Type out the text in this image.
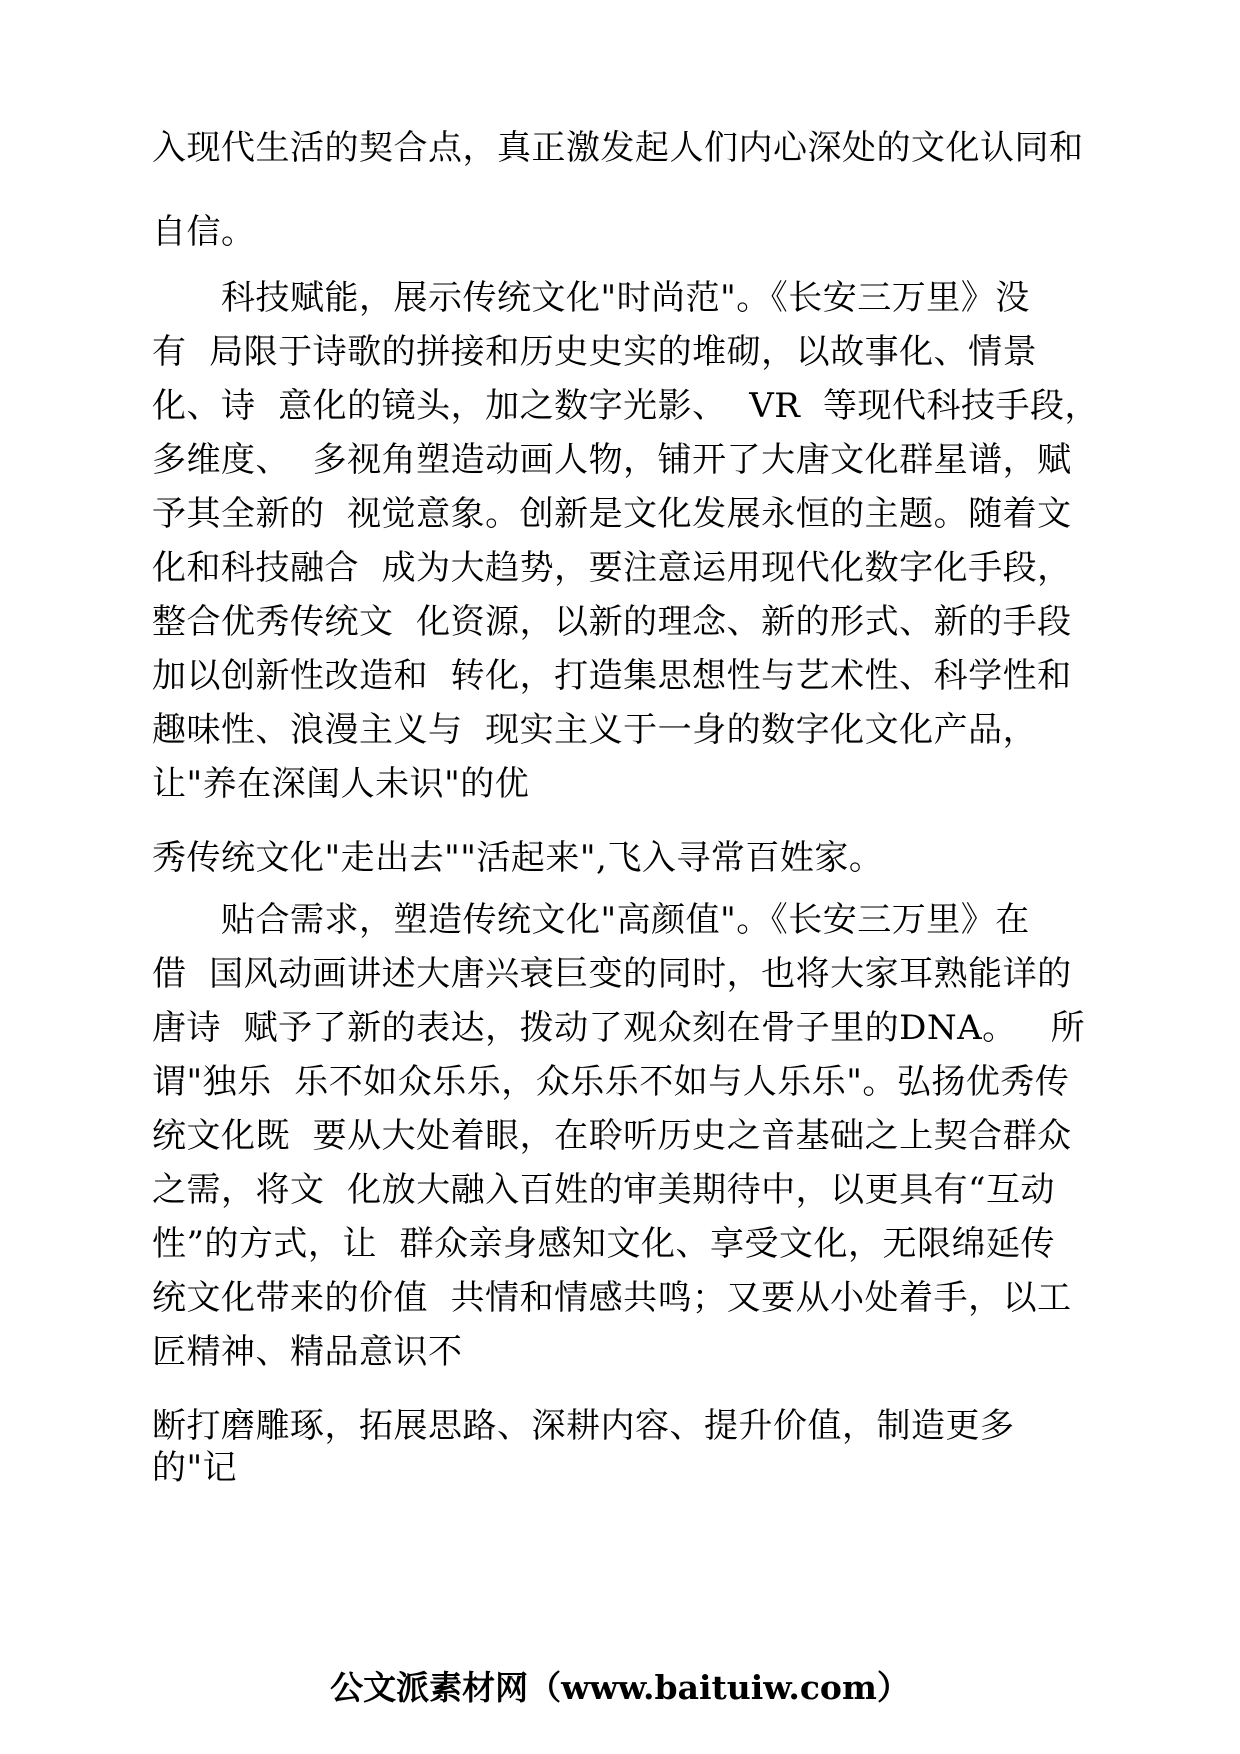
入现代生活的契合点，真正激发起人们内心深处的文化认同和
自信。
　　科技赋能，展示传统文化"时尚范"。《长安三万里》没
有  局限于诗歌的拼接和历史史实的堆砌，以故事化、情景
化、诗  意化的镜头，加之数字光影、  VR  等现代科技手段，
多维度、  多视角塑造动画人物，铺开了大唐文化群星谱，赋
予其全新的  视觉意象。创新是文化发展永恒的主题。随着文
化和科技融合  成为大趋势，要注意运用现代化数字化手段，
整合优秀传统文  化资源，以新的理念、新的形式、新的手段
加以创新性改造和  转化，打造集思想性与艺术性、科学性和
趣味性、浪漫主义与  现实主义于一身的数字化文化产品，
让"养在深闺人未识"的优
秀传统文化"走出去""活起来",飞入寻常百姓家。
　　贴合需求，塑造传统文化"高颜值"。《长安三万里》在
借  国风动画讲述大唐兴衰巨变的同时，也将大家耳熟能详的
唐诗  赋予了新的表达，拨动了观众刻在骨子里的DNA。   所
谓"独乐  乐不如众乐乐，众乐乐不如与人乐乐"。弘扬优秀传
统文化既  要从大处着眼，在聆听历史之音基础之上契合群众
之需，将文  化放大融入百姓的审美期待中，以更具有“互动
性”的方式，让  群众亲身感知文化、享受文化，无限绵延传
统文化带来的价值  共情和情感共鸣；又要从小处着手，以工
匠精神、精品意识不
断打磨雕琢，拓展思路、深耕内容、提升价值，制造更多
的"记
公文派素材网（www.baituiw.com）
